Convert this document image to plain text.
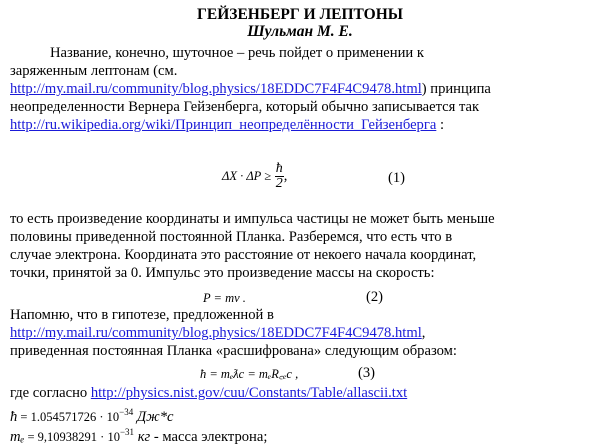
ГЕЙЗЕНБЕРГ И ЛЕПТОНЫ
Шульман М. Е.
Название, конечно, шуточное – речь пойдет о применении к
заряженным лептонам (см.
http://my.mail.ru/community/blog.physics/18EDDC7F4F4C9478.html) принципа
неопределенности Вернера Гейзенберга, который обычно записывается так
http://ru.wikipedia.org/wiki/Принцип_неопределённости_Гейзенберга :
$\Delta X \cdot \Delta P \ge \frac{ħ}{2}$ ,	(1)
то есть произведение координаты и импульса частицы не может быть меньше
половины приведенной постоянной Планка. Разберемся, что есть что в
случае электрона. Координата это расстояние от некоего начала координат,
точки, принятой за 0. Импульс это произведение массы на скорость:
P = mv .	(2)
Напомню, что в гипотезе, предложенной в
http://my.mail.ru/community/blog.physics/18EDDC7F4F4C9478.html,
приведенная постоянная Планка «расшифрована» следующим образом:
ħ = mₑƛc = mₑR꜀ₑc ,	(3)
где согласно http://physics.nist.gov/cuu/Constants/Table/allascii.txt
ħ = $1.054571726 \cdot 10^{-34}$ Дж*с
$m_e = 9,10938291 \cdot 10^{-31}$ кг - масса электрона;
